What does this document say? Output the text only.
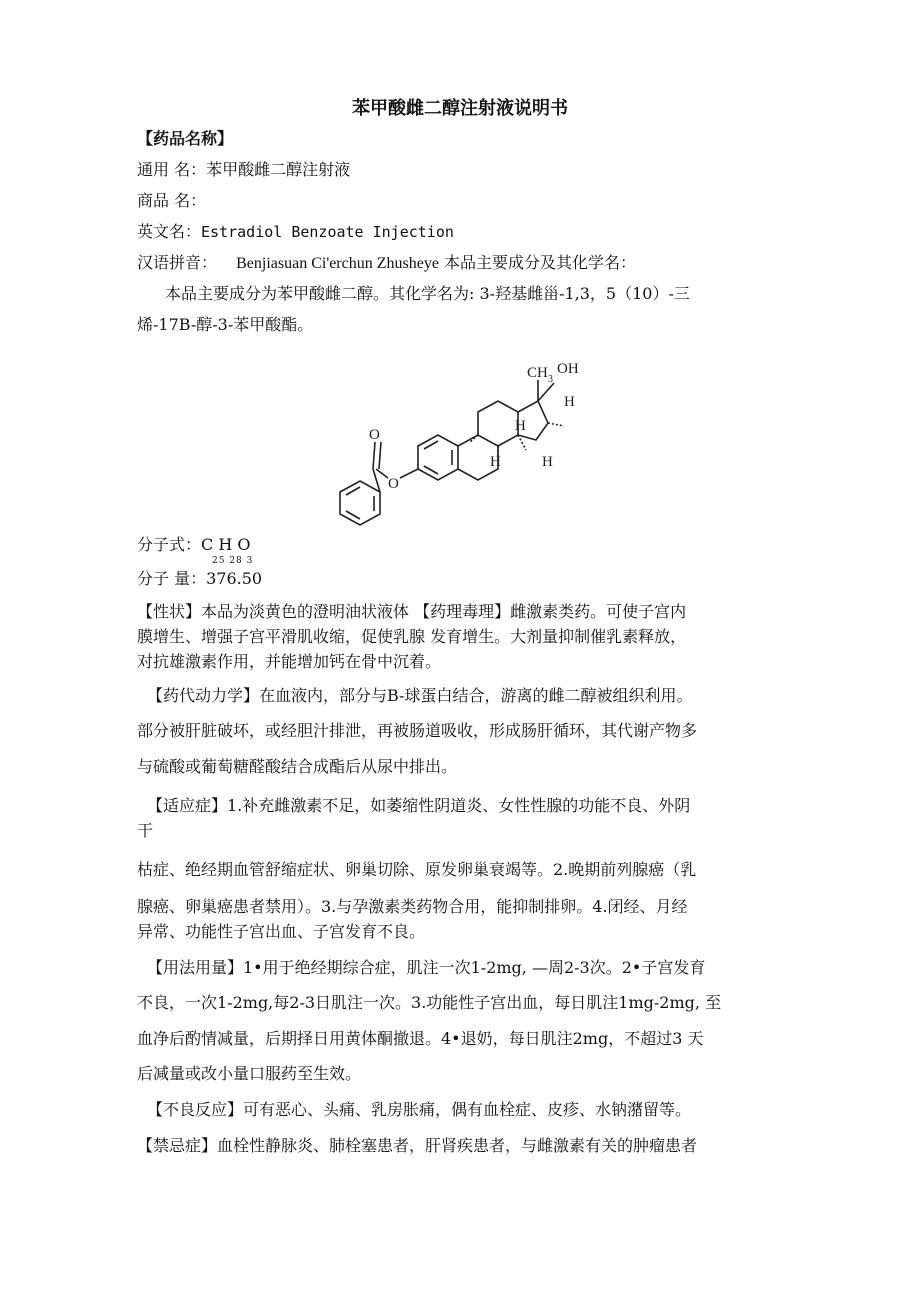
苯甲酸雌二醇注射液说明书
【药品名称】
通用 名：苯甲酸雌二醇注射液
商品 名：
英文名：Estradiol Benzoate Injection
汉语拼音： Benjiasuan Ci'erchun Zhusheye 本品主要成分及其化学名：
本品主要成分为苯甲酸雌二醇。其化学名为: 3-羟基雌甾-1,3，5（10）-三
烯-17B-醇-3-苯甲酸酯。
O
O
CH 3
OH
H
H
H	H
分子式：C H O
25 28 3
分子 量：376.50
【性状】本品为淡黄色的澄明油状液体 【药理毒理】雌激素类药。可使子宫内
膜增生、增强子宫平滑肌收缩，促使乳腺 发育增生。大剂量抑制催乳素释放，
对抗雄激素作用，并能增加钙在骨中沉着。
【药代动力学】在血液内，部分与B-球蛋白结合，游离的雌二醇被组织利用。
部分被肝脏破坏，或经胆汁排泄，再被肠道吸收，形成肠肝循环，其代谢产物多
与硫酸或葡萄糖醛酸结合成酯后从尿中排出。
【适应症】1.补充雌激素不足，如萎缩性阴道炎、女性性腺的功能不良、外阴
干
枯症、绝经期血管舒缩症状、卵巢切除、原发卵巢衰竭等。2.晚期前列腺癌（乳
腺癌、卵巢癌患者禁用）。3.与孕激素类药物合用，能抑制排卵。4.闭经、月经
异常、功能性子宫出血、子宫发育不良。
【用法用量】1•用于绝经期综合症，肌注一次1-2mg, —周2-3次。2•子宫发育
不良，一次1-2mg,每2-3日肌注一次。3.功能性子宫出血，每日肌注1mg-2mg, 至
血净后酌情减量，后期择日用黄体酮撤退。4•退奶，每日肌注2mg，不超过3 天
后减量或改小量口服药至生效。
【不良反应】可有恶心、头痛、乳房胀痛，偶有血栓症、皮疹、水钠潴留等。
【禁忌症】血栓性静脉炎、肺栓塞患者，肝肾疾患者，与雌激素有关的肿瘤患者
